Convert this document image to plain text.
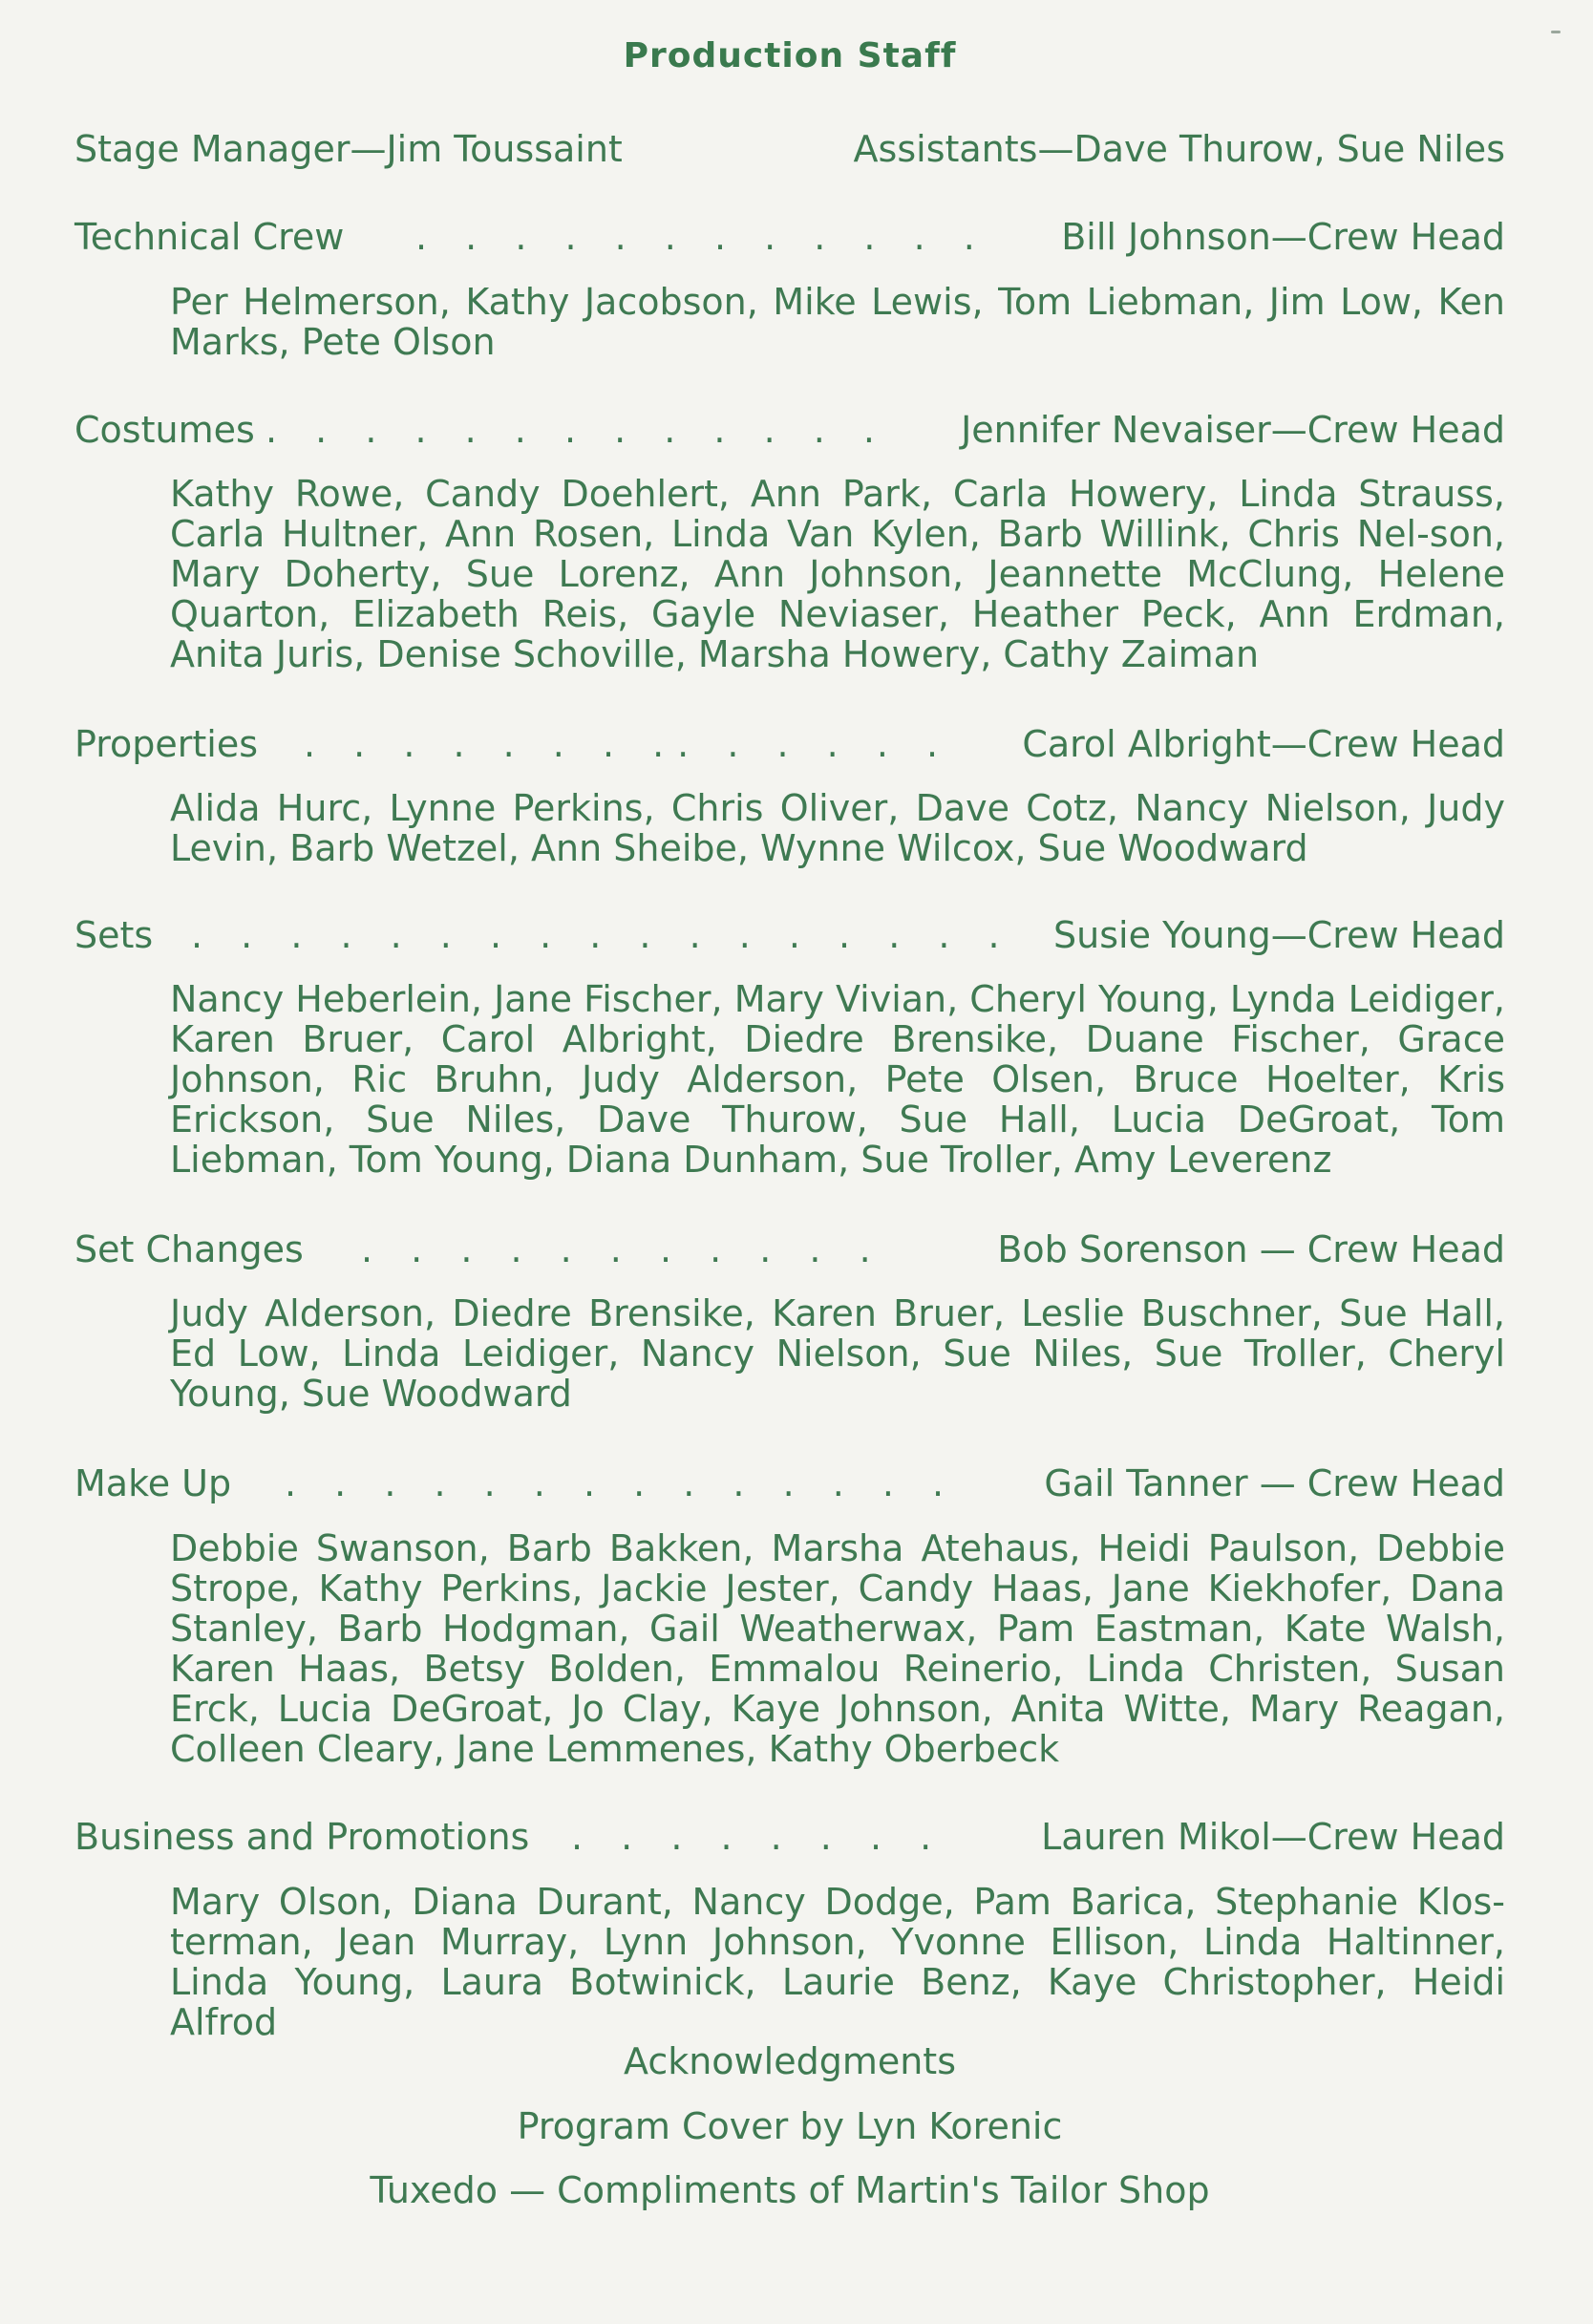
Production Staff
Stage Manager—Jim Toussaint	Assistants—Dave Thurow, Sue Niles
Technical Crew . . . . . . . . . . . . Bill Johnson—Crew Head
Per Helmerson, Kathy Jacobson, Mike Lewis, Tom Liebman, Jim Low, Ken Marks, Pete Olson
Costumes . . . . . . . . . . . . . Jennifer Nevaiser—Crew Head
Kathy Rowe, Candy Doehlert, Ann Park, Carla Howery, Linda Strauss, Carla Hultner, Ann Rosen, Linda Van Kylen, Barb Willink, Chris Nel-son, Mary Doherty, Sue Lorenz, Ann Johnson, Jeannette McClung, Helene Quarton, Elizabeth Reis, Gayle Neviaser, Heather Peck, Ann Erdman, Anita Juris, Denise Schoville, Marsha Howery, Cathy Zaiman
Properties . . . . . . . .. . . . . . Carol Albright—Crew Head
Alida Hurc, Lynne Perkins, Chris Oliver, Dave Cotz, Nancy Nielson, Judy Levin, Barb Wetzel, Ann Sheibe, Wynne Wilcox, Sue Woodward
Sets . . . . . . . . . . . . . . . . . Susie Young—Crew Head
Nancy Heberlein, Jane Fischer, Mary Vivian, Cheryl Young, Lynda Leidiger, Karen Bruer, Carol Albright, Diedre Brensike, Duane Fischer, Grace Johnson, Ric Bruhn, Judy Alderson, Pete Olsen, Bruce Hoelter, Kris Erickson, Sue Niles, Dave Thurow, Sue Hall, Lucia DeGroat, Tom Liebman, Tom Young, Diana Dunham, Sue Troller, Amy Leverenz
Set Changes . . . . . . . . . . .	Bob Sorenson — Crew Head
Judy Alderson, Diedre Brensike, Karen Bruer, Leslie Buschner, Sue Hall, Ed Low, Linda Leidiger, Nancy Nielson, Sue Niles, Sue Troller, Cheryl Young, Sue Woodward
Make Up . . . . . . . . . . . . . . Gail Tanner — Crew Head
Debbie Swanson, Barb Bakken, Marsha Atehaus, Heidi Paulson, Debbie Strope, Kathy Perkins, Jackie Jester, Candy Haas, Jane Kiekhofer, Dana Stanley, Barb Hodgman, Gail Weatherwax, Pam Eastman, Kate Walsh, Karen Haas, Betsy Bolden, Emmalou Reinerio, Linda Christen, Susan Erck, Lucia DeGroat, Jo Clay, Kaye Johnson, Anita Witte, Mary Reagan, Colleen Cleary, Jane Lemmenes, Kathy Oberbeck
Business and Promotions . . . . . . . .	Lauren Mikol—Crew Head
Mary Olson, Diana Durant, Nancy Dodge, Pam Barica, Stephanie Klos-terman, Jean Murray, Lynn Johnson, Yvonne Ellison, Linda Haltinner, Linda Young, Laura Botwinick, Laurie Benz, Kaye Christopher, Heidi Alfrod
Acknowledgments
Program Cover by Lyn Korenic
Tuxedo — Compliments of Martin's Tailor Shop
